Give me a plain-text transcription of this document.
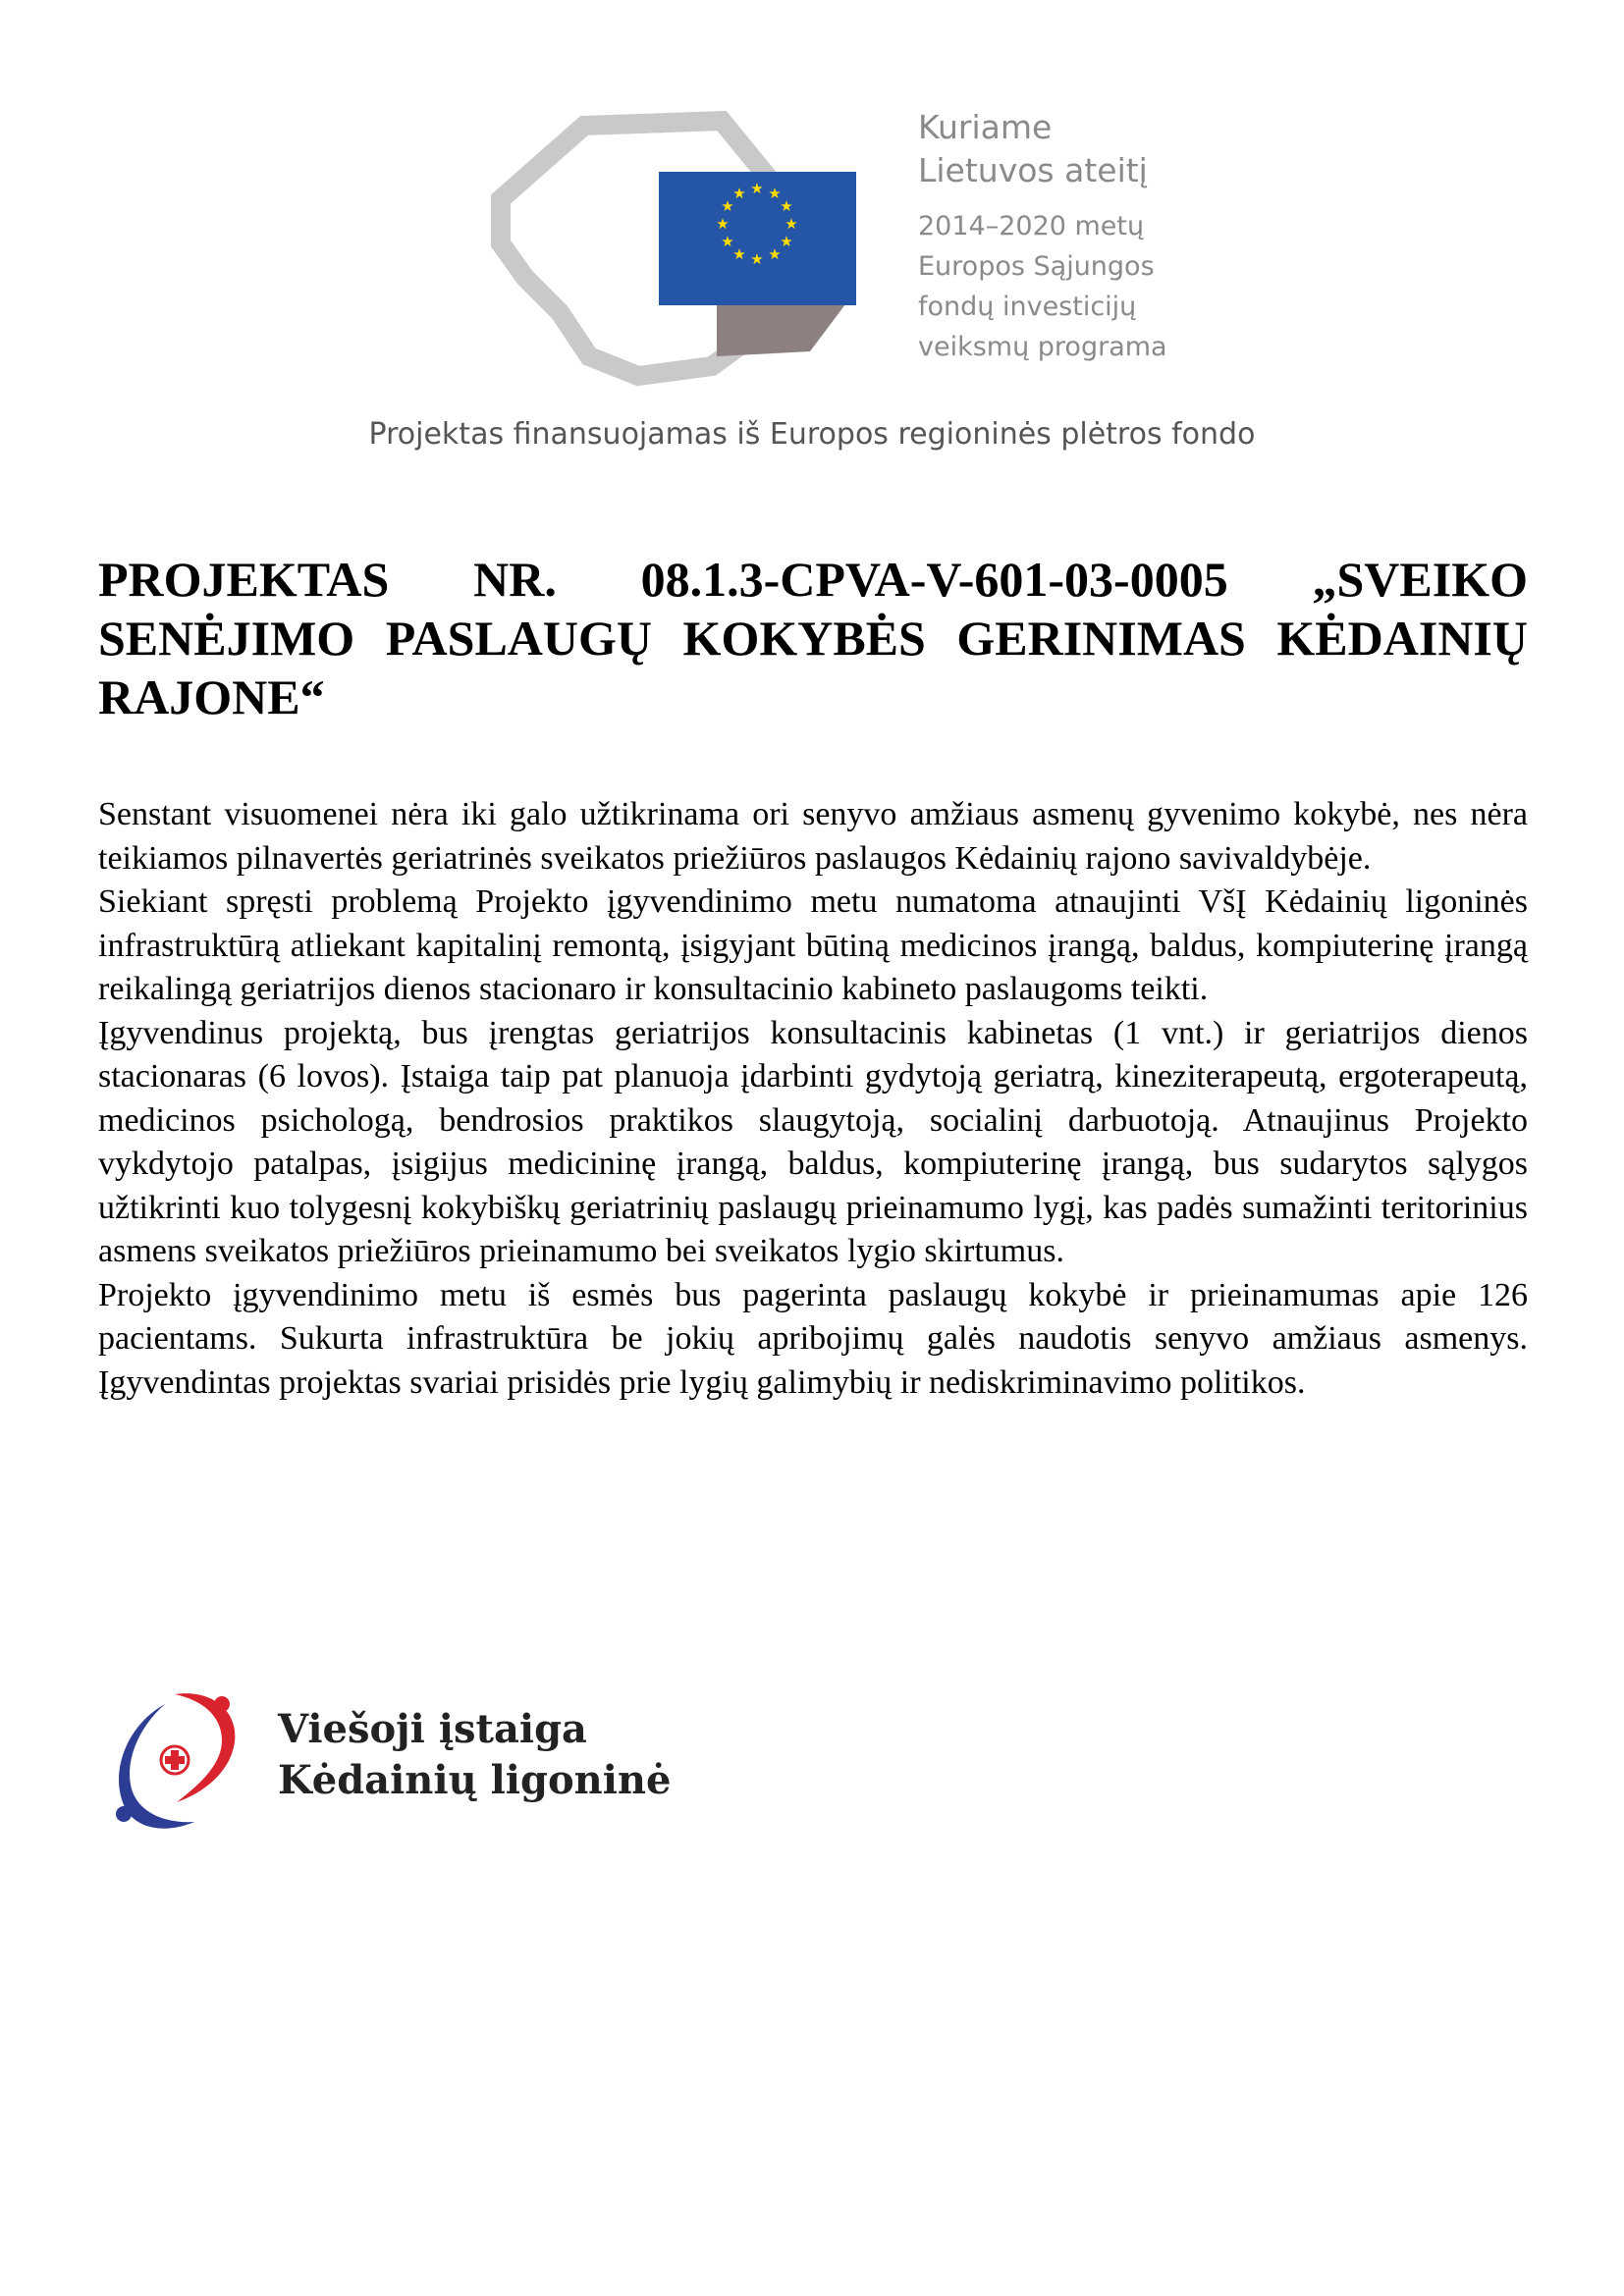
★ ★
★
★
★
★
★
★
★
★
★
★
Kuriame
Lietuvos ateitį
2014–2020 metų
Europos Sąjungos
fondų investicijų
veiksmų programa
Projektas finansuojamas iš Europos regioninės plėtros fondo
PROJEKTAS NR. 08.1.3-CPVA-V-601-03-0005 „SVEIKO SENĖJIMO PASLAUGŲ KOKYBĖS GERINIMAS KĖDAINIŲ RAJONE“

Senstant visuomenei nėra iki galo užtikrinama ori senyvo amžiaus asmenų gyvenimo kokybė, nes nėra teikiamos pilnavertės geriatrinės sveikatos priežiūros paslaugos Kėdainių rajono savivaldybėje.

Siekiant spręsti problemą Projekto įgyvendinimo metu numatoma atnaujinti VšĮ Kėdainių ligoninės infrastruktūrą atliekant kapitalinį remontą, įsigyjant būtiną medicinos įrangą, baldus, kompiuterinę įrangą reikalingą geriatrijos dienos stacionaro ir konsultacinio kabineto paslaugoms teikti.

Įgyvendinus projektą, bus įrengtas geriatrijos konsultacinis kabinetas (1 vnt.) ir geriatrijos dienos stacionaras (6 lovos). Įstaiga taip pat planuoja įdarbinti gydytoją geriatrą, kineziterapeutą, ergoterapeutą, medicinos psichologą, bendrosios praktikos slaugytoją, socialinį darbuotoją. Atnaujinus Projekto vykdytojo patalpas, įsigijus medicininę įrangą, baldus, kompiuterinę įrangą, bus sudarytos sąlygos užtikrinti kuo tolygesnį kokybiškų geriatrinių paslaugų prieinamumo lygį, kas padės sumažinti teritorinius asmens sveikatos priežiūros prieinamumo bei sveikatos lygio skirtumus.

Projekto įgyvendinimo metu iš esmės bus pagerinta paslaugų kokybė ir prieinamumas apie 126 pacientams. Sukurta infrastruktūra be jokių apribojimų galės naudotis senyvo amžiaus asmenys. Įgyvendintas projektas svariai prisidės prie lygių galimybių ir nediskriminavimo politikos.

Viešoji įstaiga
Kėdainių ligoninė
